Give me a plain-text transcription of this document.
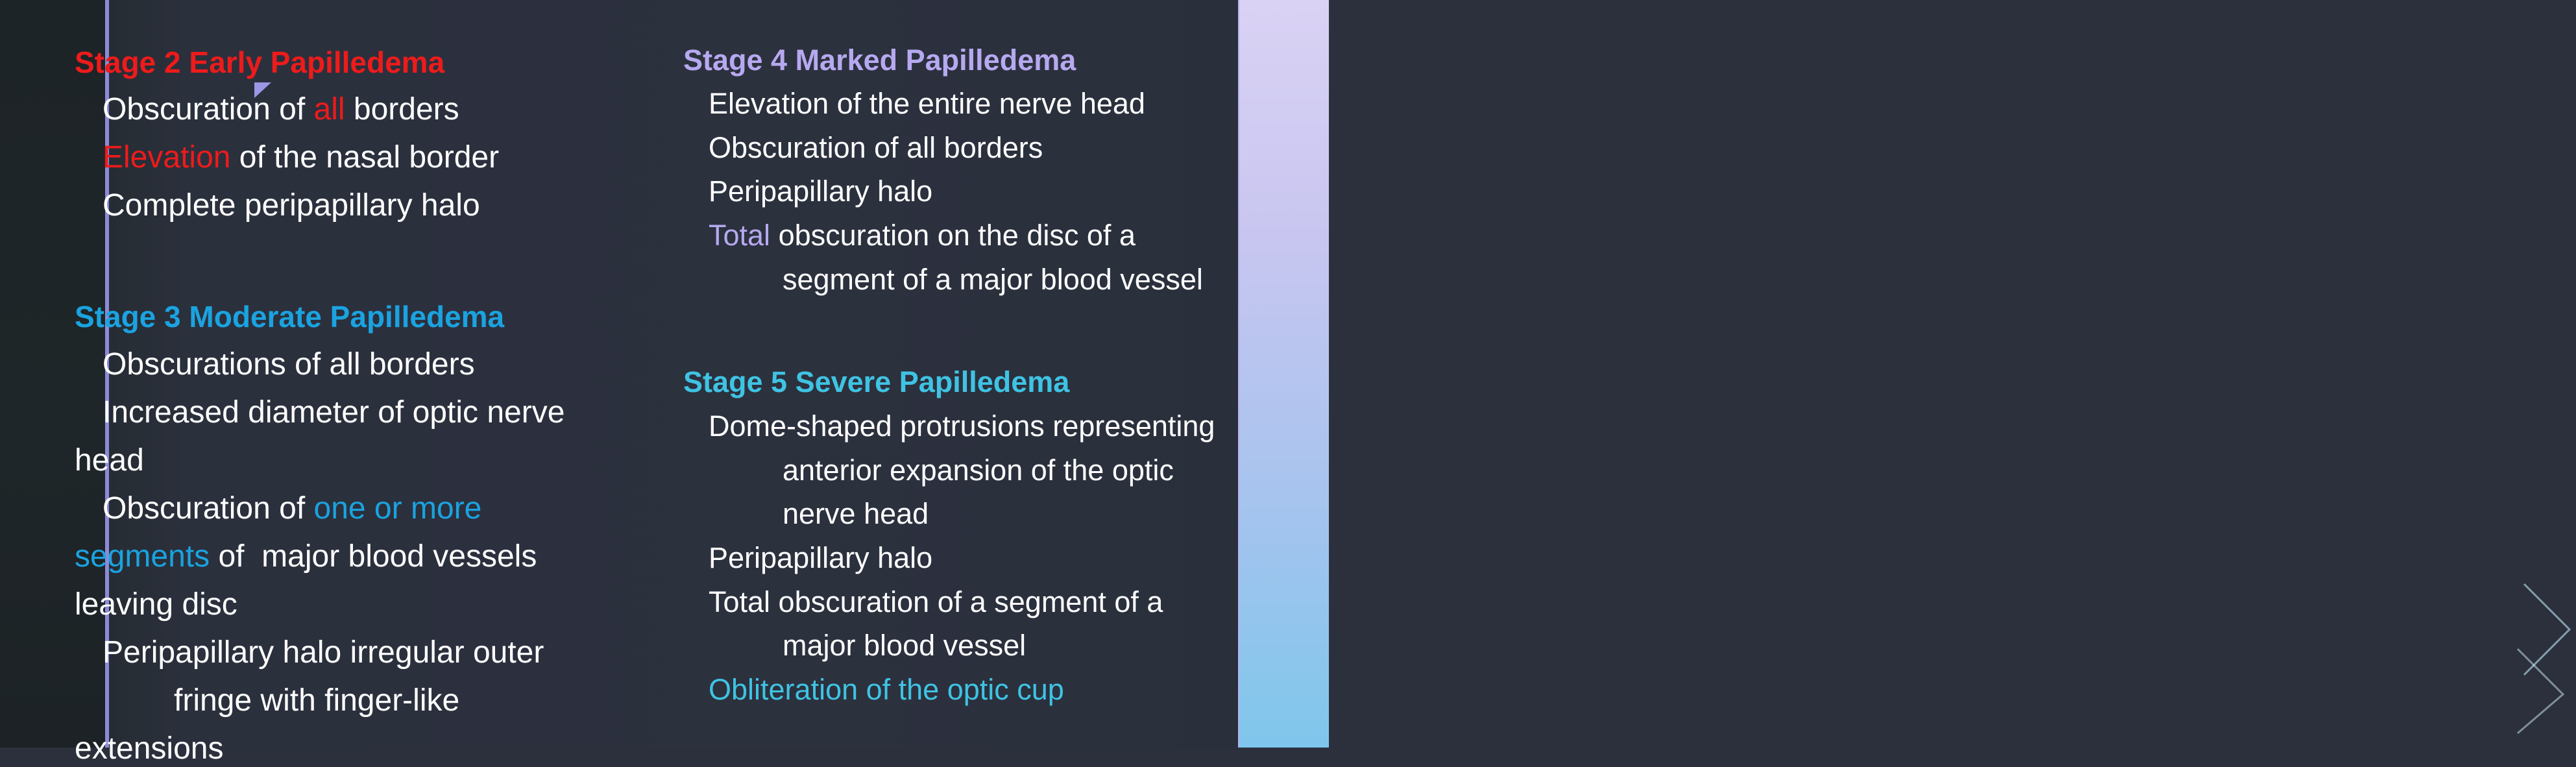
Stage 2 Early Papilledema
Obscuration of all borders
Elevation of the nasal border
Complete peripapillary halo
Stage 3 Moderate Papilledema
Obscurations of all borders
Increased diameter of optic nerve
head
Obscuration of one or more
segments of  major blood vessels
leaving disc
Peripapillary halo irregular outer
fringe with finger-like
extensions
Stage 4 Marked Papilledema
Elevation of the entire nerve head
Obscuration of all borders
Peripapillary halo
Total obscuration on the disc of a
segment of a major blood vessel
Stage 5 Severe Papilledema
Dome-shaped protrusions representing
anterior expansion of the optic
nerve head
Peripapillary halo
Total obscuration of a segment of a
major blood vessel
Obliteration of the optic cup
